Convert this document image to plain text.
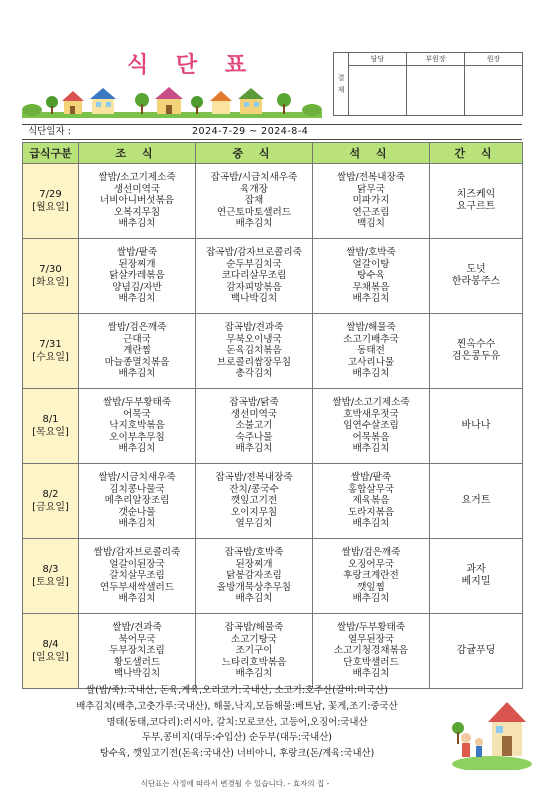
식 단 표	결
재
담당	부원장	원장
식단일자 :	2024-7-29 ~ 2024-8-4
급식구분	조 식	중 식	석 식	간 식

7/29
[월요일]	쌀밥/소고기제소죽
생선미역국
너비아니버섯볶음
오복지무침
배추김치	잡곡밥/시금치새우죽
육개장
잡채
연근토마토샐러드
배추김치	쌀밥/전복내장죽
닭무국
미파가지
연근조림
백김치	치즈케익
요구르트

7/30
[화요일]	쌀밥/팥죽
된장찌개
닭살카레볶음
양념김/자반
배추김치	잡곡밥/감자브로콜리죽
순두부김치국
코다리살무조림
감자피망볶음
백나박김치	쌀밥/호박죽
얼갈이탕
탕수육
무채볶음
배추김치	도넛
한라봉주스

7/31
[수요일]	쌀밥/검은깨죽
근대국
계란찜
마늘종멸치볶음
배추김치	잡곡밥/견과죽
무북오이냉국
돈육김치볶음
브로콜리쌈장무침
총각김치	쌀밥/해물죽
소고기배추국
동태전
고사리나물
배추김치	찐옥수수
검은콩두유

8/1
[목요일]	쌀밥/두부황태죽
어묵국
낙지호박볶음
오이부추무침
배추김치	잡곡밥/닭죽
생선미역국
소불고기
숙주나물
배추김치	쌀밥/소고기제소죽
호박새우젓국
임연수살조림
어묵볶음
배추김치	바나나

8/2
[금요일]	쌀밥/시금치새우죽
김치콩나물국
메추리알장조림
갯순나물
배추김치	잡곡밥/전복내장죽
잔치/콩국수
깻잎고기전
오이지무침
열무김치	쌀밥/팥죽
홍합살무국
제육볶음
도라지볶음
배추김치	요거트

8/3
[토요일]	쌀밥/감자브로콜리죽
얼갈이된장국
갈치살무조림
연두부새싹샐러드
배추김치	잡곡밥/호박죽
된장찌개
닭봉감자조림
올방개묵상추무침
배추김치	쌀밥/검은깨죽
오징어무국
후랑크계란전
깻잎찜
배추김치	과자
베지밀

8/4
[일요일]	쌀밥/견과죽
북어무국
두부장치조림
황도샐러드
백나박김치	잡곡밥/해물죽
소고기탕국
조기구이
느타리호박볶음
배추김치	쌀밥/두부황태죽
열무된장국
소고기청경채볶음
단호박샐러드
배추김치	감귤푸딩
쌀(밥/죽):국내산, 돈육,계육,오리고기:국내산, 소고기:호주산(갈비:미국산)
배추김치(배추,고춧가루:국내산), 해물,낙지,모듬해물:베트남, 꽃게,조기:중국산
명태(동태,코다리):러시아, 갈치:모로코산, 고등어,오징어:국내산
두부,콩비지(대두:수입산) 순두부(대두:국내산)
탕수육, 깻잎고기전(돈육:국내산) 너비아니, 후랑크(돈/계육:국내산)
식단표는 사정에 따라서 변경될 수 있습니다. - 효자의 집 -
